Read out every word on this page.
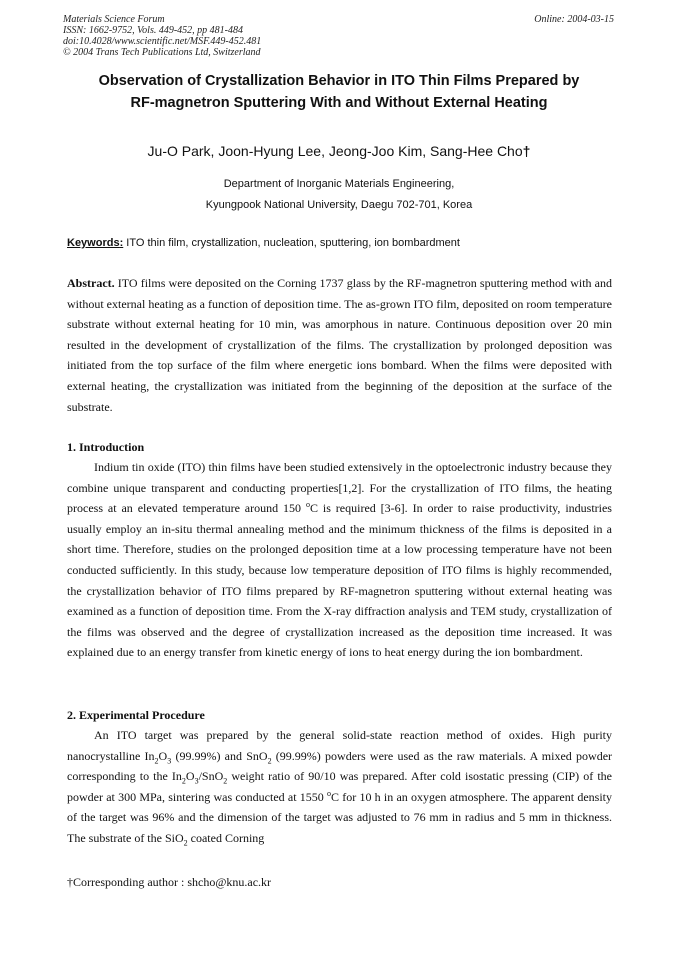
Materials Science Forum
ISSN: 1662-9752, Vols. 449-452, pp 481-484
doi:10.4028/www.scientific.net/MSF.449-452.481
© 2004 Trans Tech Publications Ltd, Switzerland
Online: 2004-03-15
Observation of Crystallization Behavior in ITO Thin Films Prepared by
RF-magnetron Sputtering With and Without External Heating
Ju-O Park, Joon-Hyung Lee, Jeong-Joo Kim, Sang-Hee Cho†
Department of Inorganic Materials Engineering,
Kyungpook National University, Daegu 702-701, Korea
Keywords: ITO thin film, crystallization, nucleation, sputtering, ion bombardment
Abstract. ITO films were deposited on the Corning 1737 glass by the RF-magnetron sputtering method with and without external heating as a function of deposition time. The as-grown ITO film, deposited on room temperature substrate without external heating for 10 min, was amorphous in nature. Continuous deposition over 20 min resulted in the development of crystallization of the films. The crystallization by prolonged deposition was initiated from the top surface of the film where energetic ions bombard. When the films were deposited with external heating, the crystallization was initiated from the beginning of the deposition at the surface of the substrate.
1. Introduction
Indium tin oxide (ITO) thin films have been studied extensively in the optoelectronic industry because they combine unique transparent and conducting properties[1,2]. For the crystallization of ITO films, the heating process at an elevated temperature around 150 $^o$C is required [3-6]. In order to raise productivity, industries usually employ an in-situ thermal annealing method and the minimum thickness of the films is deposited in a short time. Therefore, studies on the prolonged deposition time at a low processing temperature have not been conducted sufficiently. In this study, because low temperature deposition of ITO films is highly recommended, the crystallization behavior of ITO films prepared by RF-magnetron sputtering without external heating was examined as a function of deposition time. From the X-ray diffraction analysis and TEM study, crystallization of the films was observed and the degree of crystallization increased as the deposition time increased. It was explained due to an energy transfer from kinetic energy of ions to heat energy during the ion bombardment.
2. Experimental Procedure
An ITO target was prepared by the general solid-state reaction method of oxides. High purity nanocrystalline $In_2O_3$ (99.99%) and SnO$_2$ (99.99%) powders were used as the raw materials. A mixed powder corresponding to the $In_2O_3/SnO_2$ weight ratio of 90/10 was prepared. After cold isostatic pressing (CIP) of the powder at 300 MPa, sintering was conducted at 1550 $^o$C for 10 h in an oxygen atmosphere. The apparent density of the target was 96% and the dimension of the target was adjusted to 76 mm in radius and 5 mm in thickness. The substrate of the SiO$_2$ coated Corning
†Corresponding author : shcho@knu.ac.kr
